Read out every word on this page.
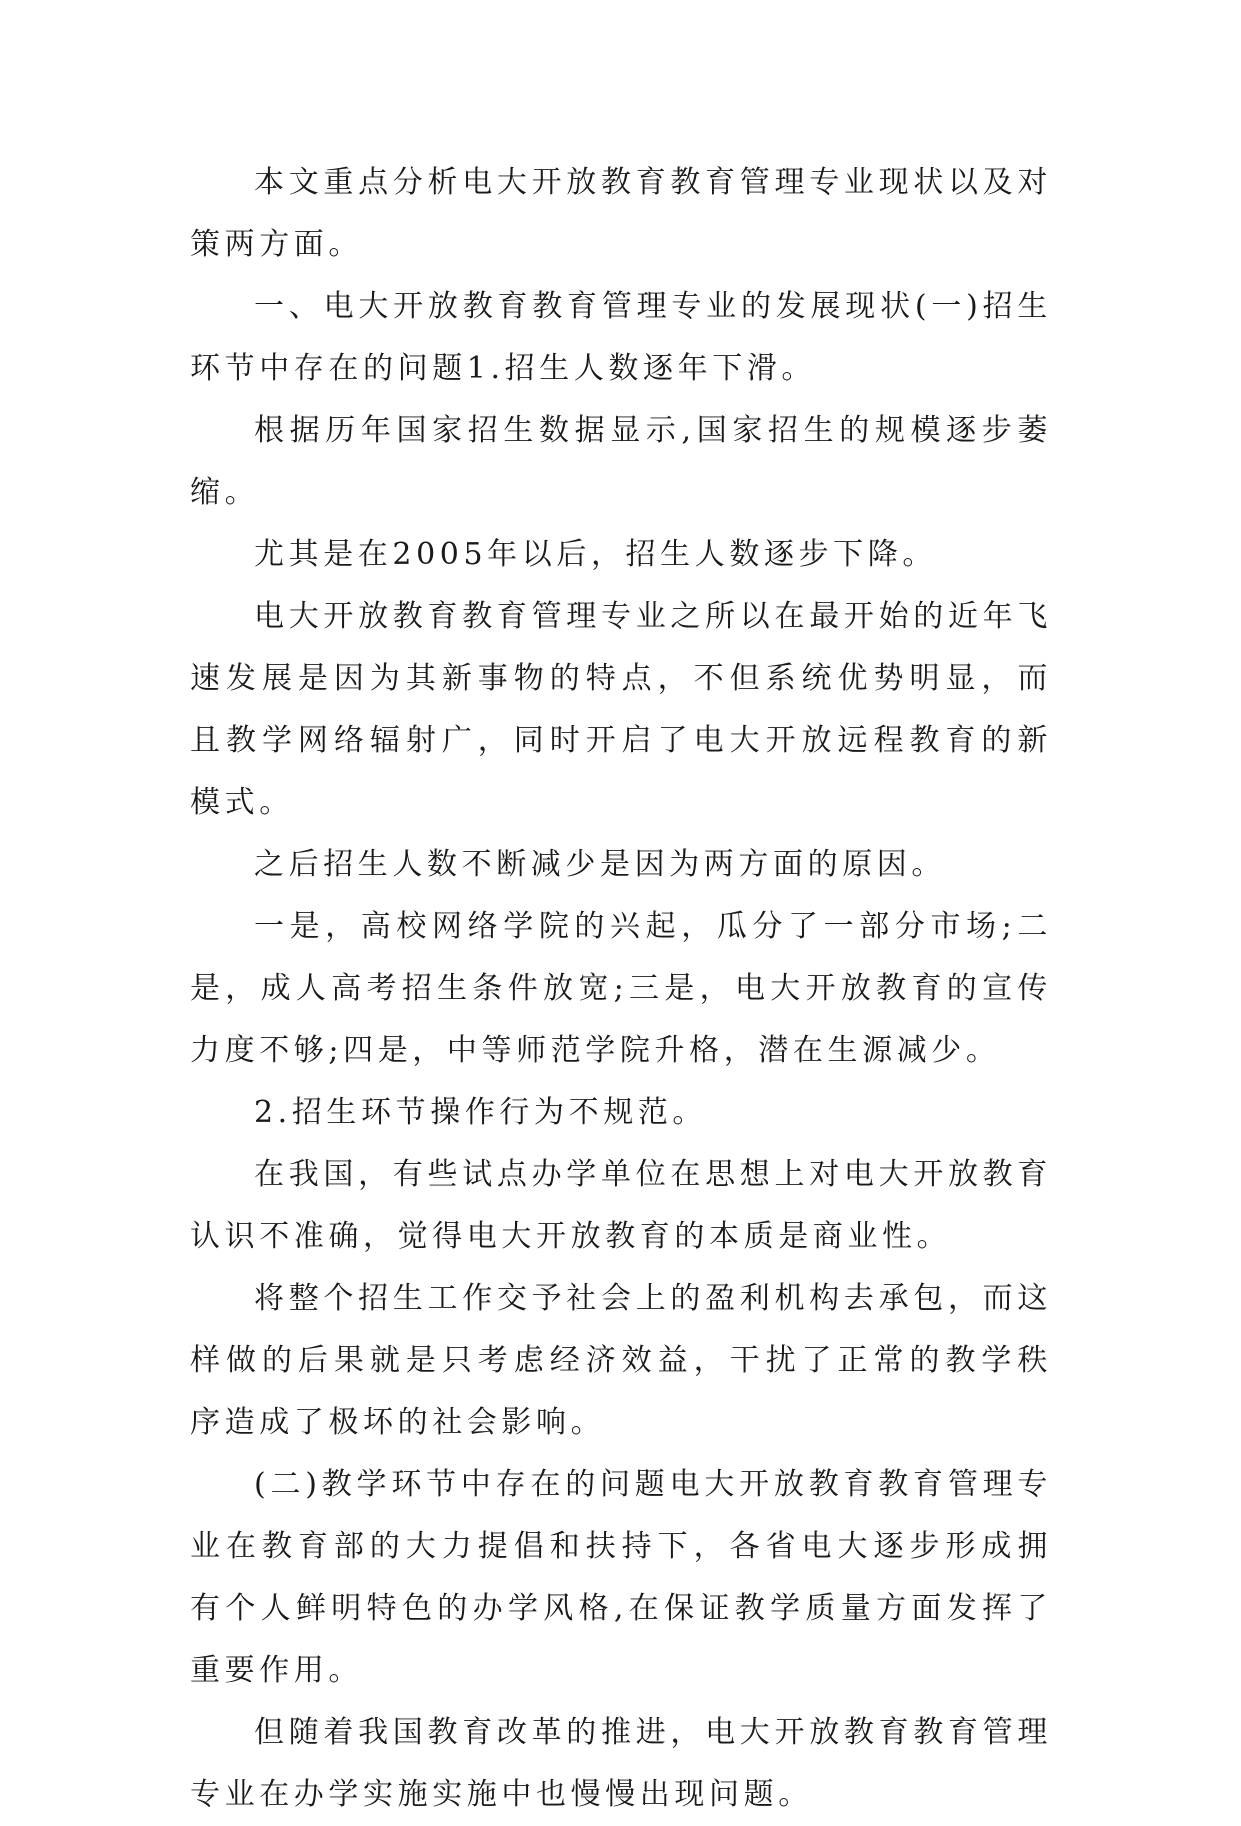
本文重点分析电大开放教育教育管理专业现状以及对策两方面。

一、电大开放教育教育管理专业的发展现状(一)招生环节中存在的问题1.招生人数逐年下滑。

根据历年国家招生数据显示,国家招生的规模逐步萎缩。

尤其是在2005年以后，招生人数逐步下降。

电大开放教育教育管理专业之所以在最开始的近年飞速发展是因为其新事物的特点，不但系统优势明显，而且教学网络辐射广，同时开启了电大开放远程教育的新模式。

之后招生人数不断减少是因为两方面的原因。

一是，高校网络学院的兴起，瓜分了一部分市场;二是，成人高考招生条件放宽;三是，电大开放教育的宣传力度不够;四是，中等师范学院升格，潜在生源减少。

2.招生环节操作行为不规范。

在我国，有些试点办学单位在思想上对电大开放教育认识不准确，觉得电大开放教育的本质是商业性。

将整个招生工作交予社会上的盈利机构去承包，而这样做的后果就是只考虑经济效益，干扰了正常的教学秩序造成了极坏的社会影响。

(二)教学环节中存在的问题电大开放教育教育管理专业在教育部的大力提倡和扶持下，各省电大逐步形成拥有个人鲜明特色的办学风格,在保证教学质量方面发挥了重要作用。

但随着我国教育改革的推进，电大开放教育教育管理专业在办学实施实施中也慢慢出现问题。
